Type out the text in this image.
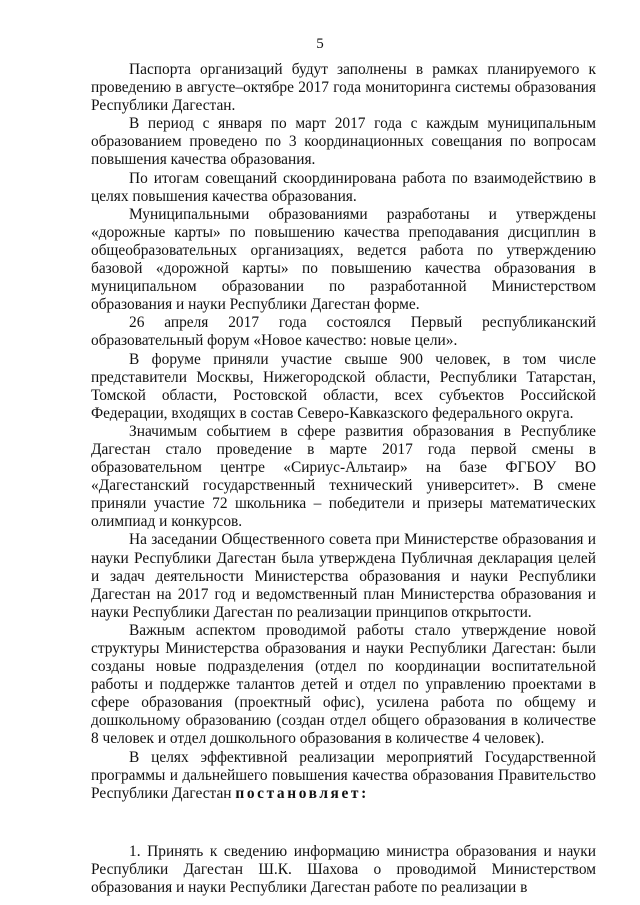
5

Паспорта организаций будут заполнены в рамках планируемого к проведению в августе–октябре 2017 года мониторинга системы образования Республики Дагестан.

В период с января по март 2017 года с каждым муниципальным образованием проведено по 3 координационных совещания по вопросам повышения качества образования.

По итогам совещаний скоординирована работа по взаимодействию в целях повышения качества образования.

Муниципальными образованиями разработаны и утверждены «дорожные карты» по повышению качества преподавания дисциплин в общеобразовательных организациях, ведется работа по утверждению базовой «дорожной карты» по повышению качества образования в муниципальном образовании по разработанной Министерством образования и науки Республики Дагестан форме.

26 апреля 2017 года состоялся Первый республиканский образовательный форум «Новое качество: новые цели».

В форуме приняли участие свыше 900 человек, в том числе представители Москвы, Нижегородской области, Республики Татарстан, Томской области, Ростовской области, всех субъектов Российской Федерации, входящих в состав Северо-Кавказского федерального округа.

Значимым событием в сфере развития образования в Республике Дагестан стало проведение в марте 2017 года первой смены в образовательном центре «Сириус-Альтаир» на базе ФГБОУ ВО «Дагестанский государственный технический университет». В смене приняли участие 72 школьника – победители и призеры математических олимпиад и конкурсов.

На заседании Общественного совета при Министерстве образования и науки Республики Дагестан была утверждена Публичная декларация целей и задач деятельности Министерства образования и науки Республики Дагестан на 2017 год и ведомственный план Министерства образования и науки Республики Дагестан по реализации принципов открытости.

Важным аспектом проводимой работы стало утверждение новой структуры Министерства образования и науки Республики Дагестан: были созданы новые подразделения (отдел по координации воспитательной работы и поддержке талантов детей и отдел по управлению проектами в сфере образования (проектный офис), усилена работа по общему и дошкольному образованию (создан отдел общего образования в количестве 8 человек и отдел дошкольного образования в количестве 4 человек).

В целях эффективной реализации мероприятий Государственной программы и дальнейшего повышения качества образования Правительство Республики Дагестан постановляет:

1. Принять к сведению информацию министра образования и науки Республики Дагестан Ш.К. Шахова о проводимой Министерством образования и науки Республики Дагестан работе по реализации в
